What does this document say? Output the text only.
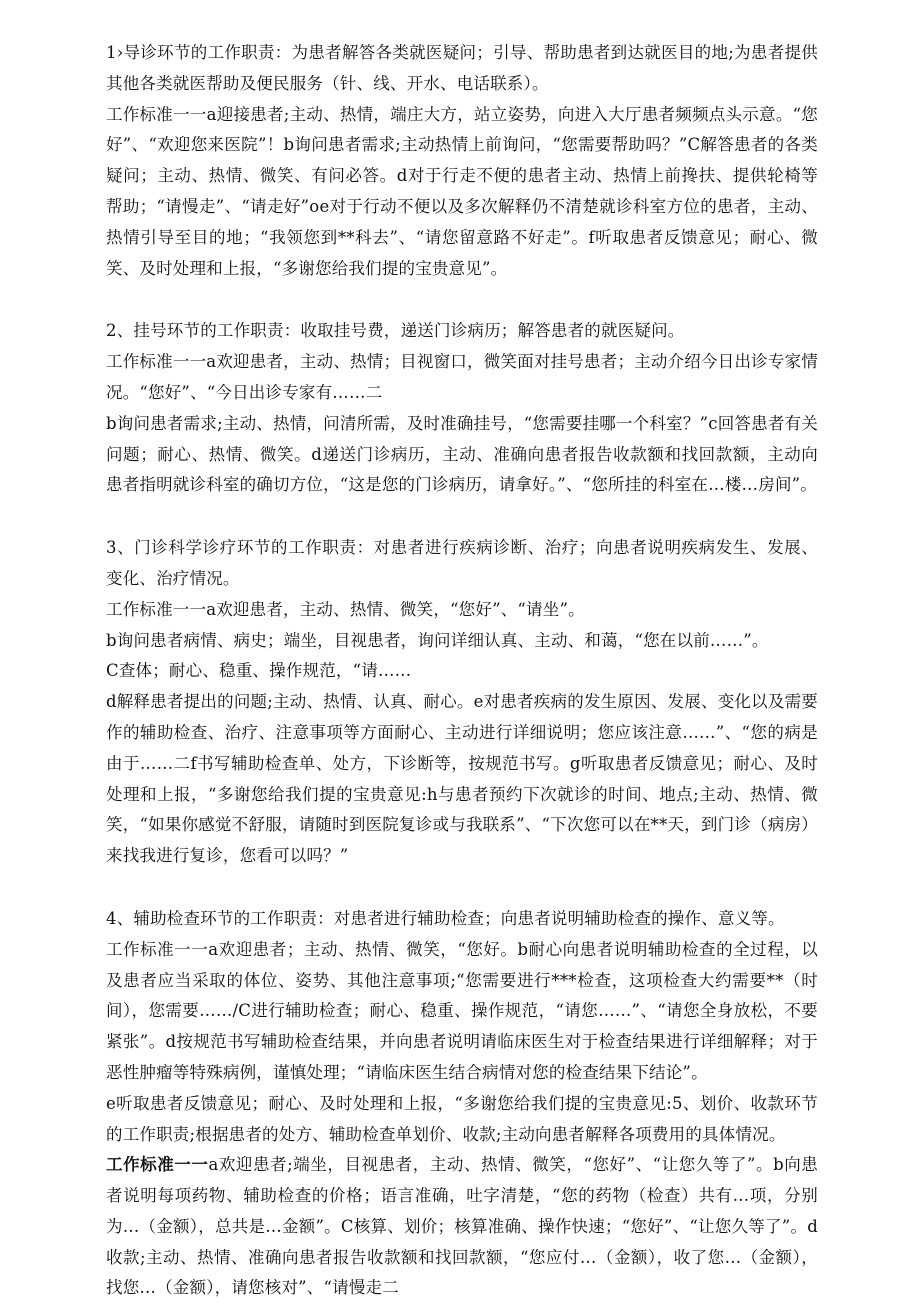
1›导诊环节的工作职责：为患者解答各类就医疑问；引导、帮助患者到达就医目的地;为患者提供其他各类就医帮助及便民服务（针、线、开水、电话联系）。

工作标准一一a迎接患者;主动、热情，端庄大方，站立姿势，向进入大厅患者频频点头示意。“您好”、“欢迎您来医院”！b询问患者需求;主动热情上前询问，“您需要帮助吗？”C解答患者的各类疑问；主动、热情、微笑、有问必答。d对于行走不便的患者主动、热情上前搀扶、提供轮椅等帮助；“请慢走”、“请走好”oe对于行动不便以及多次解释仍不清楚就诊科室方位的患者，主动、热情引导至目的地；“我领您到**科去”、“请您留意路不好走”。f听取患者反馈意见；耐心、微笑、及时处理和上报，“多谢您给我们提的宝贵意见”。

2、挂号环节的工作职责：收取挂号费，递送门诊病历；解答患者的就医疑问。

工作标准一一a欢迎患者，主动、热情；目视窗口，微笑面对挂号患者；主动介绍今日出诊专家情况。“您好”、“今日出诊专家有……二

b询问患者需求;主动、热情，问清所需，及时准确挂号，“您需要挂哪一个科室？”c回答患者有关问题；耐心、热情、微笑。d递送门诊病历，主动、准确向患者报告收款额和找回款额，主动向患者指明就诊科室的确切方位，“这是您的门诊病历，请拿好。”、“您所挂的科室在…楼…房间”。

3、门诊科学诊疗环节的工作职责：对患者进行疾病诊断、治疗；向患者说明疾病发生、发展、变化、治疗情况。

工作标准一一a欢迎患者，主动、热情、微笑，“您好”、“请坐”。

b询问患者病情、病史；端坐，目视患者，询问详细认真、主动、和蔼，“您在以前……”。

C查体；耐心、稳重、操作规范，“请……

d解释患者提出的问题;主动、热情、认真、耐心。e对患者疾病的发生原因、发展、变化以及需要作的辅助检查、治疗、注意事项等方面耐心、主动进行详细说明；您应该注意……”、“您的病是由于……二f书写辅助检查单、处方，下诊断等，按规范书写。g听取患者反馈意见；耐心、及时处理和上报，“多谢您给我们提的宝贵意见:h与患者预约下次就诊的时间、地点;主动、热情、微笑，“如果你感觉不舒服，请随时到医院复诊或与我联系”、“下次您可以在**天，到门诊（病房）来找我进行复诊，您看可以吗？”

4、辅助检查环节的工作职责：对患者进行辅助检查；向患者说明辅助检查的操作、意义等。

工作标准一一a欢迎患者；主动、热情、微笑，“您好。b耐心向患者说明辅助检查的全过程，以及患者应当采取的体位、姿势、其他注意事项;“您需要进行***检查，这项检查大约需要**（时间），您需要……/C进行辅助检查；耐心、稳重、操作规范，“请您……”、“请您全身放松，不要紧张”。d按规范书写辅助检查结果，并向患者说明请临床医生对于检查结果进行详细解释；对于恶性肿瘤等特殊病例，谨慎处理；“请临床医生结合病情对您的检查结果下结论”。

e听取患者反馈意见；耐心、及时处理和上报，“多谢您给我们提的宝贵意见:5、划价、收款环节的工作职责;根据患者的处方、辅助检查单划价、收款;主动向患者解释各项费用的具体情况。

工作标准一一a欢迎患者;端坐，目视患者，主动、热情、微笑，“您好”、“让您久等了”。b向患者说明每项药物、辅助检查的价格；语言准确，吐字清楚，“您的药物（检查）共有…项，分别为…（金额），总共是…金额”。C核算、划价；核算准确、操作快速；“您好”、“让您久等了”。d收款;主动、热情、准确向患者报告收款额和找回款额，“您应付…（金额），收了您…（金额），找您…（金额），请您核对”、“请慢走二
